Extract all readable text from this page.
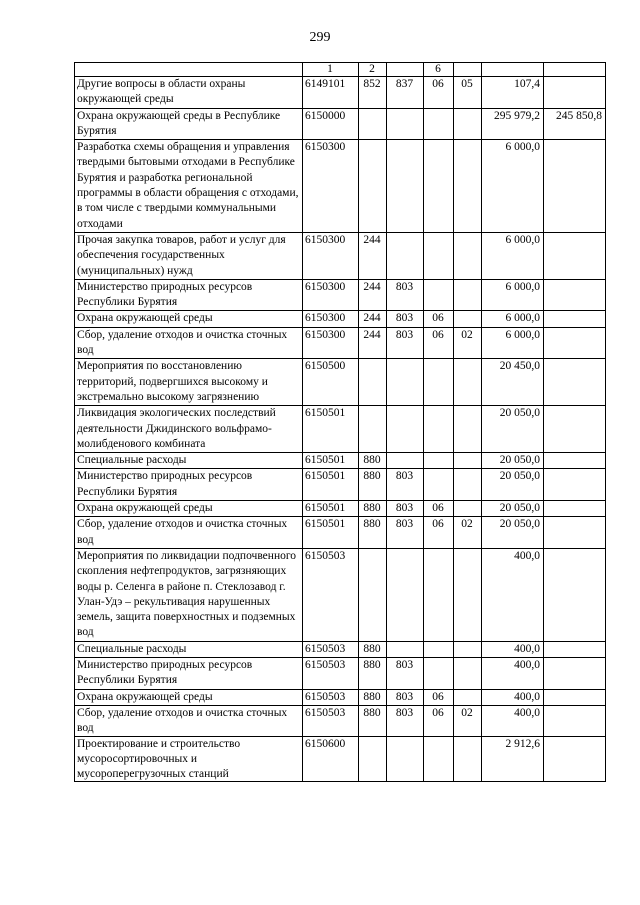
299
	1	2		6			
Другие вопросы в области охраны окружающей среды	6149101	852	837	06	05	107,4	
Охрана окружающей среды в Республике Бурятия	6150000					295 979,2	245 850,8
Разработка схемы обращения и управления твердыми бытовыми отходами в Республике Бурятия и разработка региональной программы в области обращения с отходами, в том числе с твердыми коммунальными отходами	6150300					6 000,0	
Прочая закупка товаров, работ и услуг для обеспечения государственных (муниципальных) нужд	6150300	244				6 000,0	
Министерство природных ресурсов Республики Бурятия	6150300	244	803			6 000,0	
Охрана окружающей среды	6150300	244	803	06		6 000,0	
Сбор, удаление отходов и очистка сточных вод	6150300	244	803	06	02	6 000,0	
Мероприятия по восстановлению территорий, подвергшихся высокому и экстремально высокому загрязнению	6150500					20 450,0	
Ликвидация экологических последствий деятельности Джидинского вольфрамо-молибденового комбината	6150501					20 050,0	
Специальные расходы	6150501	880				20 050,0	
Министерство природных ресурсов Республики Бурятия	6150501	880	803			20 050,0	
Охрана окружающей среды	6150501	880	803	06		20 050,0	
Сбор, удаление отходов и очистка сточных вод	6150501	880	803	06	02	20 050,0	
Мероприятия по ликвидации подпочвенного скопления нефтепродуктов, загрязняющих воды р. Селенга в районе п. Стеклозавод г. Улан-Удэ – рекультивация нарушенных земель, защита поверхностных и подземных вод	6150503					400,0	
Специальные расходы	6150503	880				400,0	
Министерство природных ресурсов Республики Бурятия	6150503	880	803			400,0	
Охрана окружающей среды	6150503	880	803	06		400,0	
Сбор, удаление отходов и очистка сточных вод	6150503	880	803	06	02	400,0	
Проектирование и строительство мусоросортировочных и мусороперегрузочных станций	6150600					2 912,6	
